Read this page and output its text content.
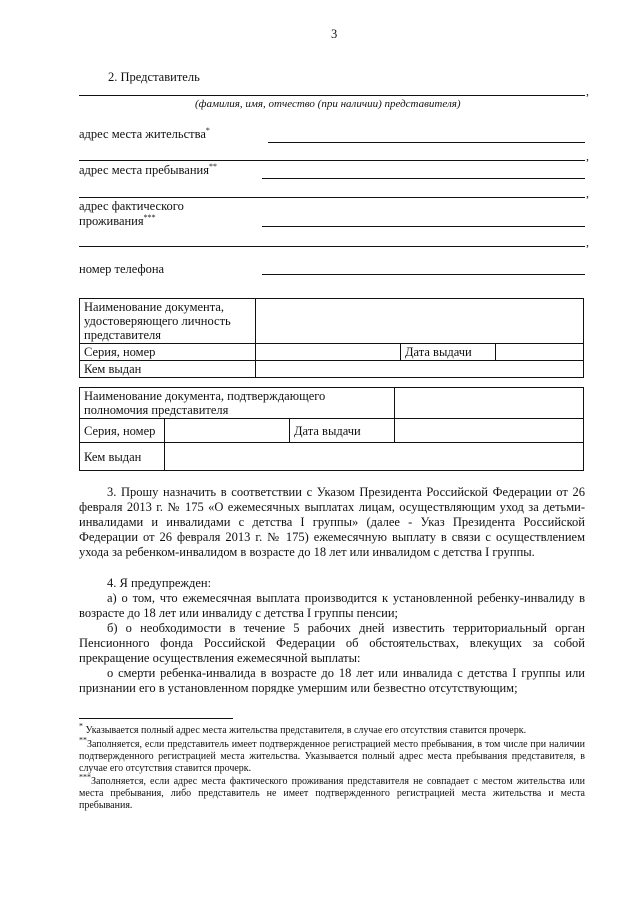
3
2. Представитель
,
(фамилия, имя, отчество (при наличии) представителя)
адрес места жительства*
,
адрес места пребывания**
,
адрес фактического
проживания***
,
номер телефона
Наименование документа, удостоверяющего личность представителя			
Серия, номер		Дата выдачи	
Кем выдан			
Наименование документа, подтверждающего полномочия представителя			
Серия, номер		Дата выдачи	
Кем выдан			
3. Прошу назначить в соответствии с Указом Президента Российской Федерации от 26 февраля 2013 г. № 175 «О ежемесячных выплатах лицам, осуществляющим уход за детьми-инвалидами и инвалидами с детства I группы» (далее - Указ Президента Российской Федерации от 26 февраля 2013 г. № 175) ежемесячную выплату в связи с осуществлением ухода за ребенком-инвалидом в возрасте до 18 лет или инвалидом с детства I группы.
4. Я предупрежден:
а) о том, что ежемесячная выплата производится к установленной ребенку-инвалиду в возрасте до 18 лет или инвалиду с детства I группы пенсии;
б) о необходимости в течение 5 рабочих дней известить территориальный орган Пенсионного фонда Российской Федерации об обстоятельствах, влекущих за собой прекращение осуществления ежемесячной выплаты:
о смерти ребенка-инвалида в возрасте до 18 лет или инвалида с детства I группы или признании его в установленном порядке умершим или безвестно отсутствующим;
* Указывается полный адрес места жительства представителя, в случае его отсутствия ставится прочерк.
**Заполняется, если представитель имеет подтвержденное регистрацией место пребывания, в том числе при наличии подтвержденного регистрацией места жительства. Указывается полный адрес места пребывания представителя, в случае его отсутствия ставится прочерк.
***Заполняется, если адрес места фактического проживания представителя не совпадает с местом жительства или места пребывания, либо представитель не имеет подтвержденного регистрацией места жительства и места пребывания.
